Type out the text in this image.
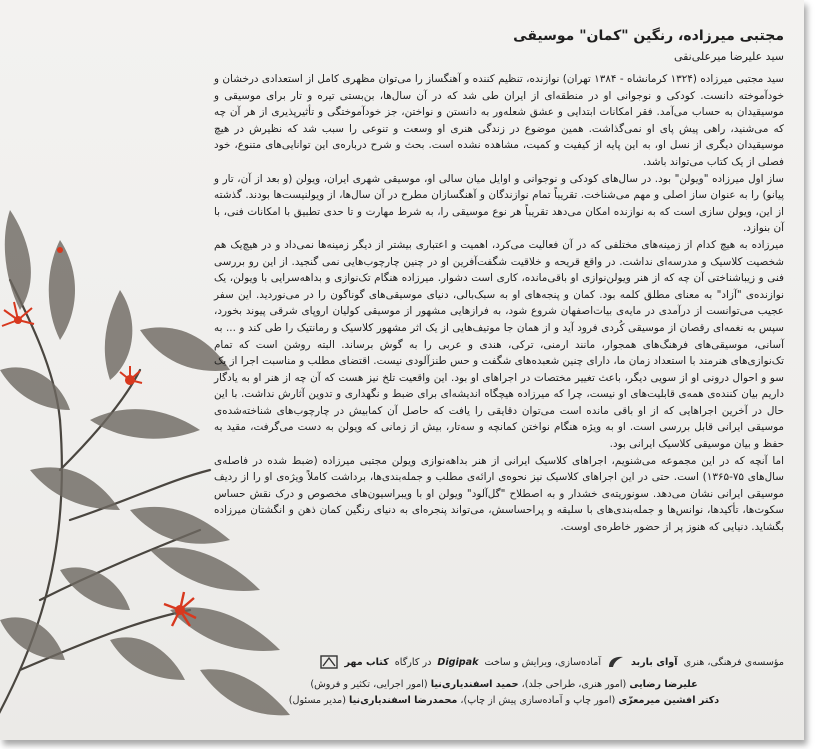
مجتبی میرزاده، رنگین "کمان" موسیقی
سید علیرضا میرعلی‌نقی

سید مجتبی میرزاده (۱۳۲۴ کرمانشاه - ۱۳۸۴ تهران) نوازنده، تنظیم کننده و آهنگساز را می‌توان مظهری کامل از استعدادی درخشان و خودآموخته دانست. کودکی و نوجوانی او در منطقه‌ای از ایران طی شد که در آن سال‌ها، بن‌بستی تیره و تار برای موسیقی و موسیقیدان به حساب می‌آمد. فقر امکانات ابتدایی و عشق شعله‌ور به دانستن و نواختن، جز خودآموختگی و تأثیرپذیری از هر آن چه که می‌شنید، راهی پیش پای او نمی‌گذاشت. همین موضوع در زندگی هنری او وسعت و تنوعی را سبب شد که نظیرش در هیچ موسیقیدان دیگری از نسل او، به این پایه از کیفیت و کمیت، مشاهده نشده است. بحث و شرح درباره‌ی این توانایی‌های متنوع، خود فصلی از یک کتاب می‌تواند باشد.

ساز اول میرزاده "ویولن" بود. در سال‌های کودکی و نوجوانی و اوایل میان سالی او، موسیقی شهری ایران، ویولن (و بعد از آن، تار و پیانو) را به عنوان ساز اصلی و مهم می‌شناخت. تقریباً تمام نوازندگان و آهنگسازان مطرح در آن سال‌ها، از ویولنیست‌ها بودند. گذشته از این، ویولن سازی است که به نوازنده امکان می‌دهد تقریباً هر نوع موسیقی را، به شرط مهارت و تا حدی تطبیق با امکانات فنی، با آن بنوازد.

میرزاده به هیچ کدام از زمینه‌های مختلفی که در آن فعالیت می‌کرد، اهمیت و اعتباری بیشتر از دیگر زمینه‌ها نمی‌داد و در هیچ‌یک هم شخصیت کلاسیک و مدرسه‌ای نداشت. در واقع قریحه و خلاقیت شگفت‌آفرین او در چنین چارچوب‌هایی نمی گنجید. از این رو بررسی فنی و زیباشناختی آن چه که از هنر ویولن‌نوازی او باقی‌مانده، کاری است دشوار. میرزاده هنگام تک‌نوازی و بداهه‌سرایی با ویولن، یک نوازنده‌ی "آزاد" به معنای مطلق کلمه بود. کمان و پنجه‌های او به سبک‌بالی، دنیای موسیقی‌های گوناگون را در می‌نوردید. این سفر عجیب می‌توانست از درآمدی در مایه‌ی بیات‌اصفهان شروع شود، به فرازهایی مشهور از موسیقی کولیان اروپای شرقی پیوند بخورد، سپس به نغمه‌ای رقصان از موسیقی کُردی فرود آید و از همان جا موتیف‌هایی از یک اثر مشهور کلاسیک و رمانتیک را طی کند و ... به آسانی، موسیقی‌های فرهنگ‌های همجوار، مانند ارمنی، ترکی، هندی و عربی را به گوش برساند. البته روشن است که تمام تک‌نوازی‌های هنرمند با استعداد زمان ما، دارای چنین شعبده‌های شگفت و حس طنزآلودی نیست. اقتضای مطلب و مناسبت اجرا از یک سو و احوال درونی او از سویی دیگر، باعث تغییر مختصات در اجراهای او بود. این واقعیت تلخ نیز هست که آن چه از هنر او به یادگار داریم بیان کننده‌ی همه‌ی قابلیت‌های او نیست، چرا که میرزاده هیچگاه اندیشه‌ای برای ضبط و نگهداری و تدوین آثارش نداشت. با این حال در آخرین اجراهایی که از او باقی مانده است می‌توان دقایقی را یافت که حاصل آن کمابیش در چارچوب‌های شناخته‌شده‌ی موسیقی ایرانی قابل بررسی است. او به ویژه هنگام نواختن کمانچه و سه‌تار، بیش از زمانی که ویولن به دست می‌گرفت، مقید به حفظ و بیان موسیقی کلاسیک ایرانی بود.

اما آنچه که در این مجموعه می‌شنویم، اجراهای کلاسیک ایرانی از هنر بداهه‌نوازی ویولن مجتبی میرزاده (ضبط شده در فاصله‌ی سال‌های ۷۵-۱۳۶۵) است. حتی در این اجراهای کلاسیک نیز نحوه‌ی ارائه‌ی مطلب و جمله‌بندی‌ها، برداشت کاملاً ویژه‌ی او را از ردیف موسیقی ایرانی نشان می‌دهد. سونوریته‌ی خشدار و به اصطلاح "گل‌آلود" ویولن او با ویبراسیون‌های مخصوص و درک نقش حساس سکوت‌ها، تأکیدها، نوانس‌ها و جمله‌بندی‌های با سلیقه و پراحساسش، می‌تواند پنجره‌ای به دنیای رنگین کمان ذهن و انگشتان میرزاده بگشاید. دنیایی که هنوز پر از حضور خاطره‌ی اوست.

مؤسسه‌ی فرهنگی، هنری
آوای باربد
آماده‌سازی، ویرایش و ساخت
Digipak
در کارگاه
کتاب مهر
علیرضا رضایی (امور هنری، طراحی جلد)، حمید اسفندیاری‌نیا (امور اجرایی، تکثیر و فروش)
دکتر افشین میرمعزّی (امور چاپ و آماده‌سازی پیش از چاپ)، محمدرضا اسفندیاری‌نیا (مدیر مسئول)
